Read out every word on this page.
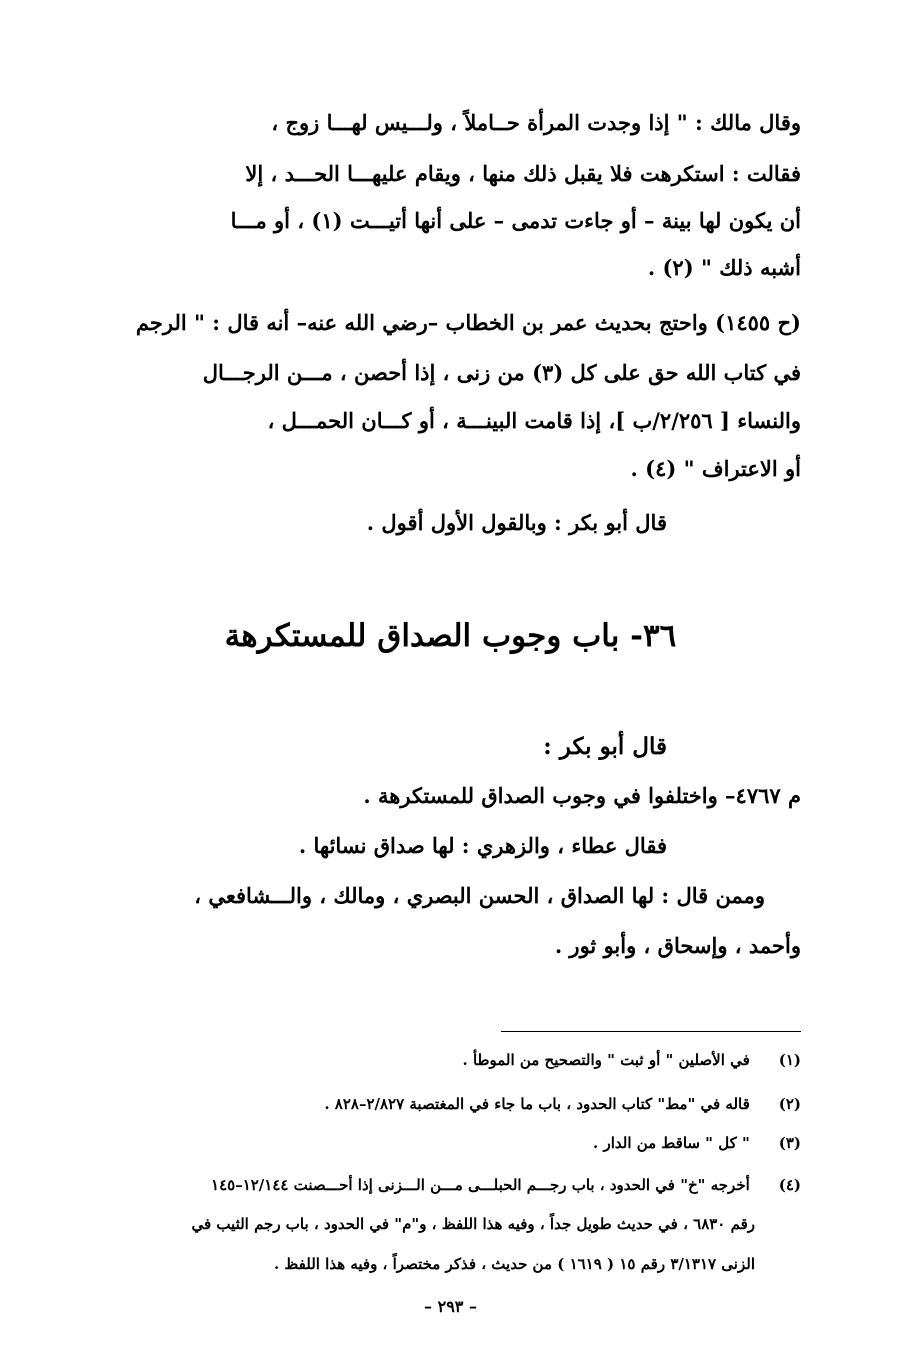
وقال مالك : " إذا وجدت المرأة حــاملاً ، ولـــيس لهـــا زوج ،
فقالت : استكرهت فلا يقبل ذلك منها ، ويقام عليهـــا الحـــد ، إلا
أن يكون لها بينة – أو جاءت تدمى – على أنها أتيـــت (١) ، أو مـــا
أشبه ذلك " (٢) .
(ح ١٤٥٥) واحتج بحديث عمر بن الخطاب –رضي الله عنه– أنه قال : " الرجم
في كتاب الله حق على كل (٣) من زنى ، إذا أحصن ، مـــن الرجـــال
والنساء [ ٢/٢٥٦/ب ]، إذا قامت البينـــة ، أو كـــان الحمـــل ،
أو الاعتراف " (٤) .
قال أبو بكر : وبالقول الأول أقول .
٣٦- باب وجوب الصداق للمستكرهة
قال أبو بكر :
م ٤٧٦٧– واختلفوا في وجوب الصداق للمستكرهة .
فقال عطاء ، والزهري : لها صداق نسائها .
وممن قال : لها الصداق ، الحسن البصري ، ومالك ، والـــشافعي ،
وأحمد ، وإسحاق ، وأبو ثور .
(١) في الأصلين " أو ثبت " والتصحيح من الموطأ .
(٢) قاله في "مط" كتاب الحدود ، باب ما جاء في المغتصبة ٢/٨٢٧–٨٢٨ .
(٣) " كل " ساقط من الدار .
(٤) أخرجه "خ" في الحدود ، باب رجـــم الحبلـــى مـــن الـــزنى إذا أحـــصنت ١٢/١٤٤–١٤٥
رقم ٦٨٣٠ ، في حديث طويل جداً ، وفيه هذا اللفظ ، و"م" في الحدود ، باب رجم الثيب في
الزنى ٣/١٣١٧ رقم ١٥ ( ١٦١٩ ) من حديث ، فذكر مختصراً ، وفيه هذا اللفظ .
– ٢٩٣ –
